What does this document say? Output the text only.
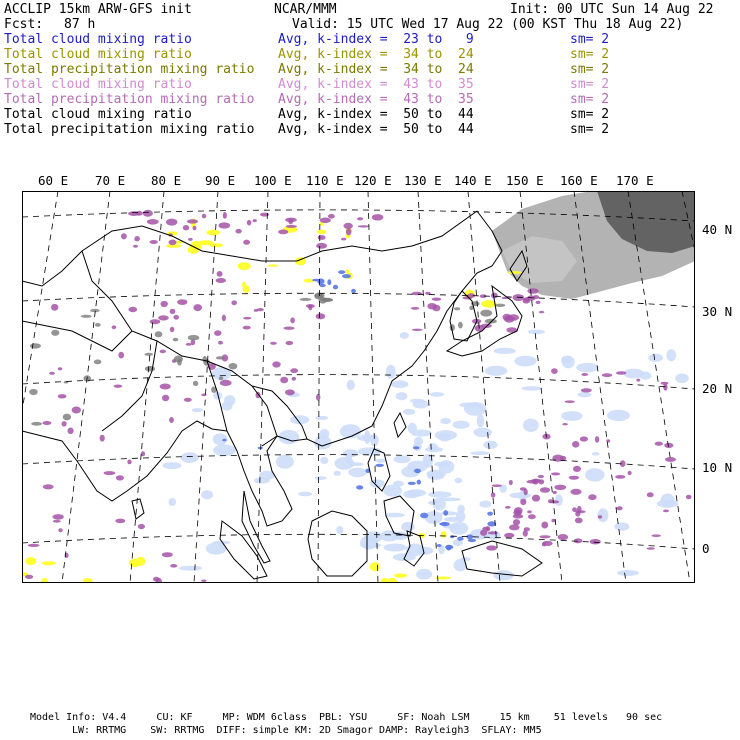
ACCLIP 15km ARW-GFS init	NCAR/MMM	Init: 00 UTC Sun 14 Aug 22
Fcst: 87 h	Valid: 15 UTC Wed 17 Aug 22 (00 KST Thu 18 Aug 22)
Total cloud mixing ratio	Avg, k-index =  23 to   9	sm= 2
Total cloud mixing ratio	Avg, k-index =  34 to  24	sm= 2
Total precipitation mixing ratio Avg, k-index =  34 to  24	sm= 2
Total cloud mixing ratio	Avg, k-index =  43 to  35	sm= 2
Total precipitation mixing ratio Avg, k-index =  43 to  35	sm= 2
Total cloud mixing ratio	Avg, k-index =  50 to  44	sm= 2
Total precipitation mixing ratio Avg, k-index =  50 to  44	sm= 2
60 E 70 E 80 E 90 E 100 E 110 E 120 E 130 E 140 E 150 E 160 E 170 E
40 N
30 N
20 N
10 N
0
Model Info: V4.4     CU: KF     MP: WDM 6class  PBL: YSU     SF: Noah LSM     15 km    51 levels   90 sec
LW: RRTMG    SW: RRTMG  DIFF: simple KM: 2D Smagor DAMP: Rayleigh3  SFLAY: MM5
